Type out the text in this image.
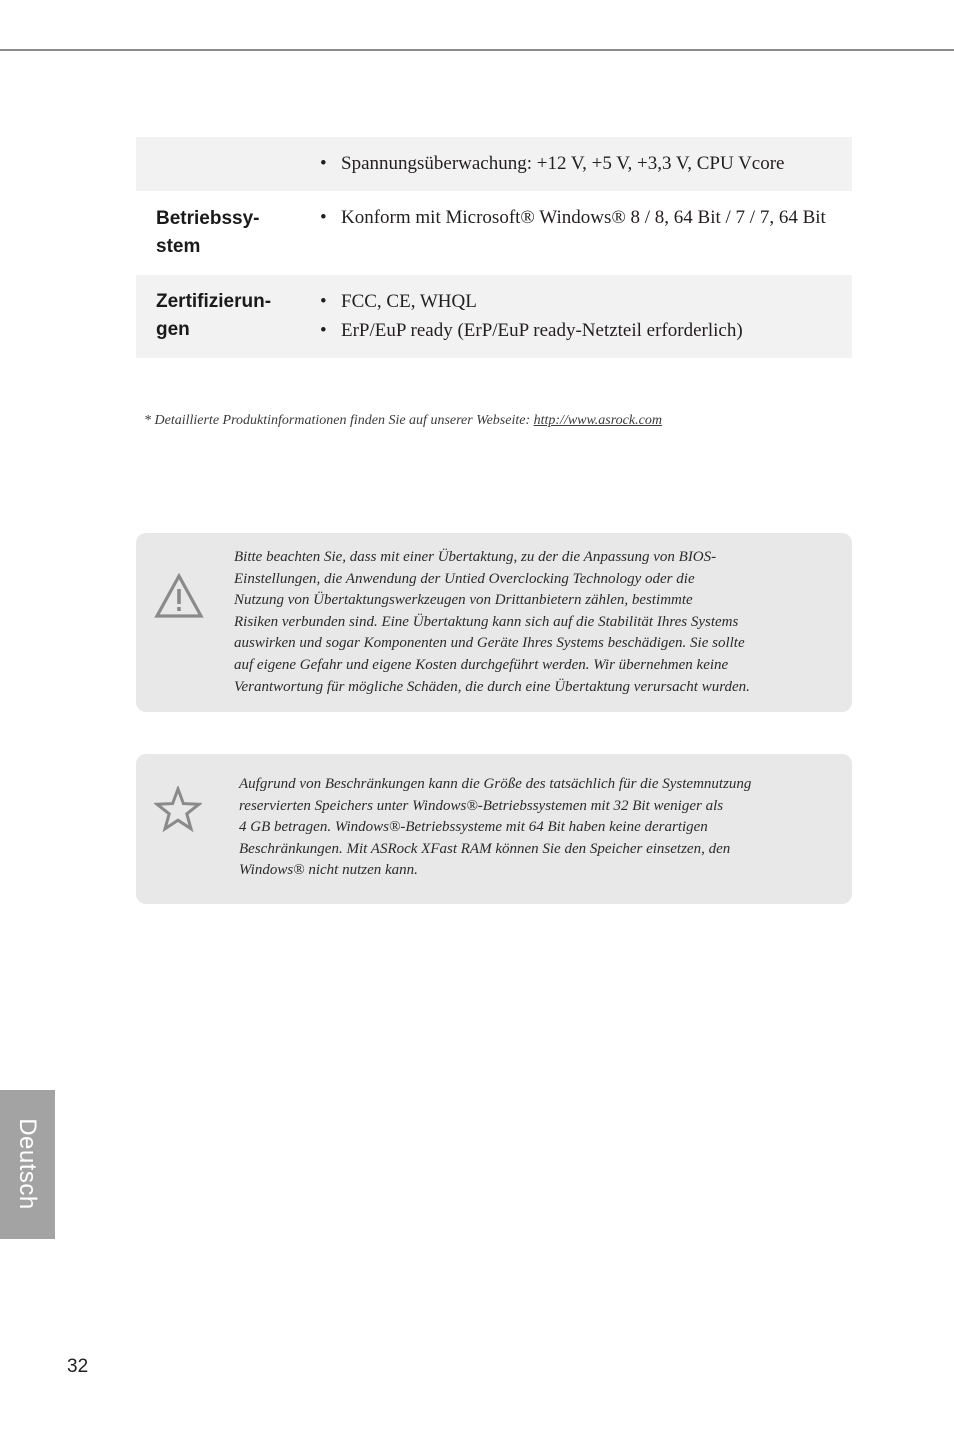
• Spannungsüberwachung: +12 V, +5 V, +3,3 V, CPU Vcore
Betriebssy-
stem
• Konform mit Microsoft® Windows® 8 / 8, 64 Bit / 7 / 7, 64 Bit
Zertifizierun-
gen
• FCC, CE, WHQL
• ErP/EuP ready (ErP/EuP ready-Netzteil erforderlich)
* Detaillierte Produktinformationen finden Sie auf unserer Webseite: http://www.asrock.com
Bitte beachten Sie, dass mit einer Übertaktung, zu der die Anpassung von BIOS-
Einstellungen, die Anwendung der Untied Overclocking Technology oder die
Nutzung von Übertaktungswerkzeugen von Drittanbietern zählen, bestimmte
Risiken verbunden sind. Eine Übertaktung kann sich auf die Stabilität Ihres Systems
auswirken und sogar Komponenten und Geräte Ihres Systems beschädigen. Sie sollte
auf eigene Gefahr und eigene Kosten durchgeführt werden. Wir übernehmen keine
Verantwortung für mögliche Schäden, die durch eine Übertaktung verursacht wurden.
Aufgrund von Beschränkungen kann die Größe des tatsächlich für die Systemnutzung
reservierten Speichers unter Windows®-Betriebssystemen mit 32 Bit weniger als
4 GB betragen. Windows®-Betriebssysteme mit 64 Bit haben keine derartigen
Beschränkungen. Mit ASRock XFast RAM können Sie den Speicher einsetzen, den
Windows® nicht nutzen kann.
Deutsch
32
